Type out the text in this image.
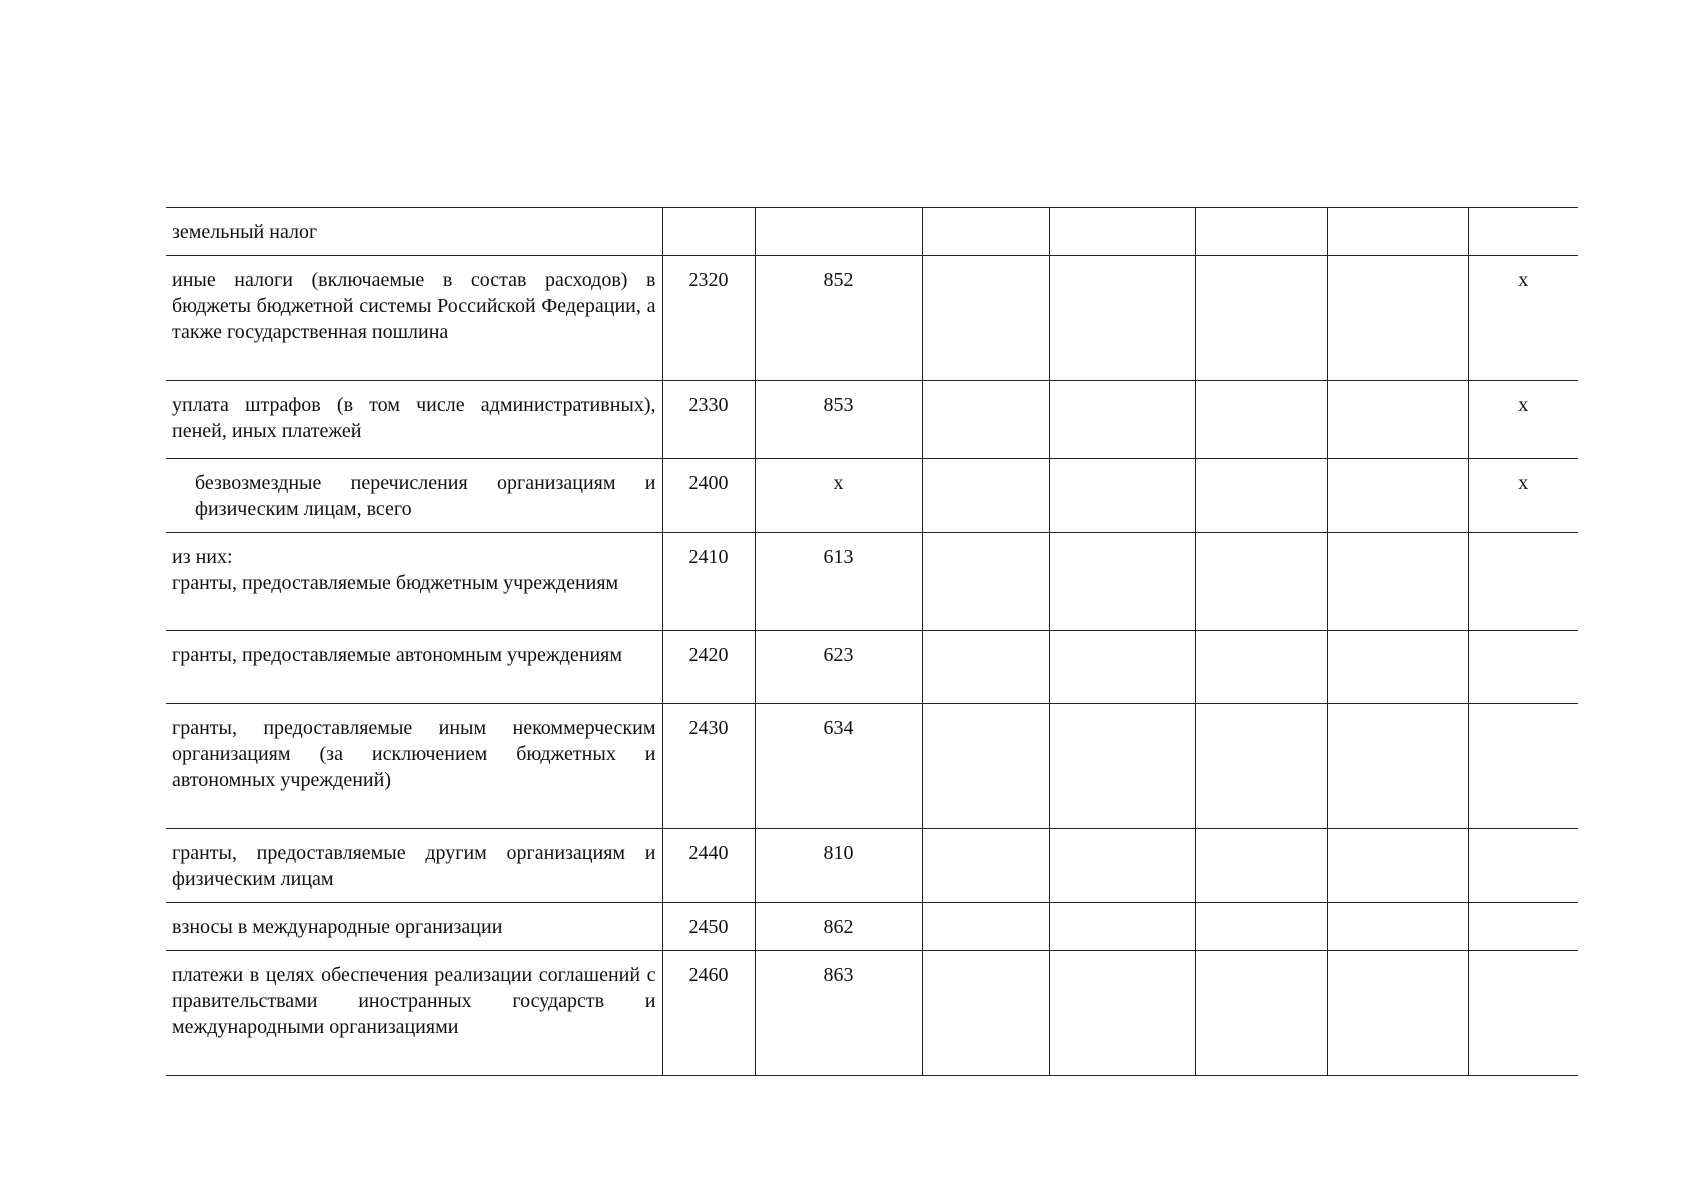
земельный налог							
иные налоги (включаемые в состав расходов) в бюджеты бюджетной системы Российской Федерации, а также государственная пошлина	2320	852					x
уплата штрафов (в том числе административных), пеней, иных платежей	2330	853					x
безвозмездные перечисления организациям и физическим лицам, всего	2400	x					x

из них:
гранты, предоставляемые бюджетным учреждениям	2410	613					
гранты, предоставляемые автономным учреждениям	2420	623					
гранты, предоставляемые иным некоммерческим организациям (за исключением бюджетных и автономных учреждений)	2430	634					
гранты, предоставляемые другим организациям и физическим лицам	2440	810					
взносы в международные организации	2450	862					
платежи в целях обеспечения реализации соглашений с правительствами иностранных государств и международными организациями	2460	863					
